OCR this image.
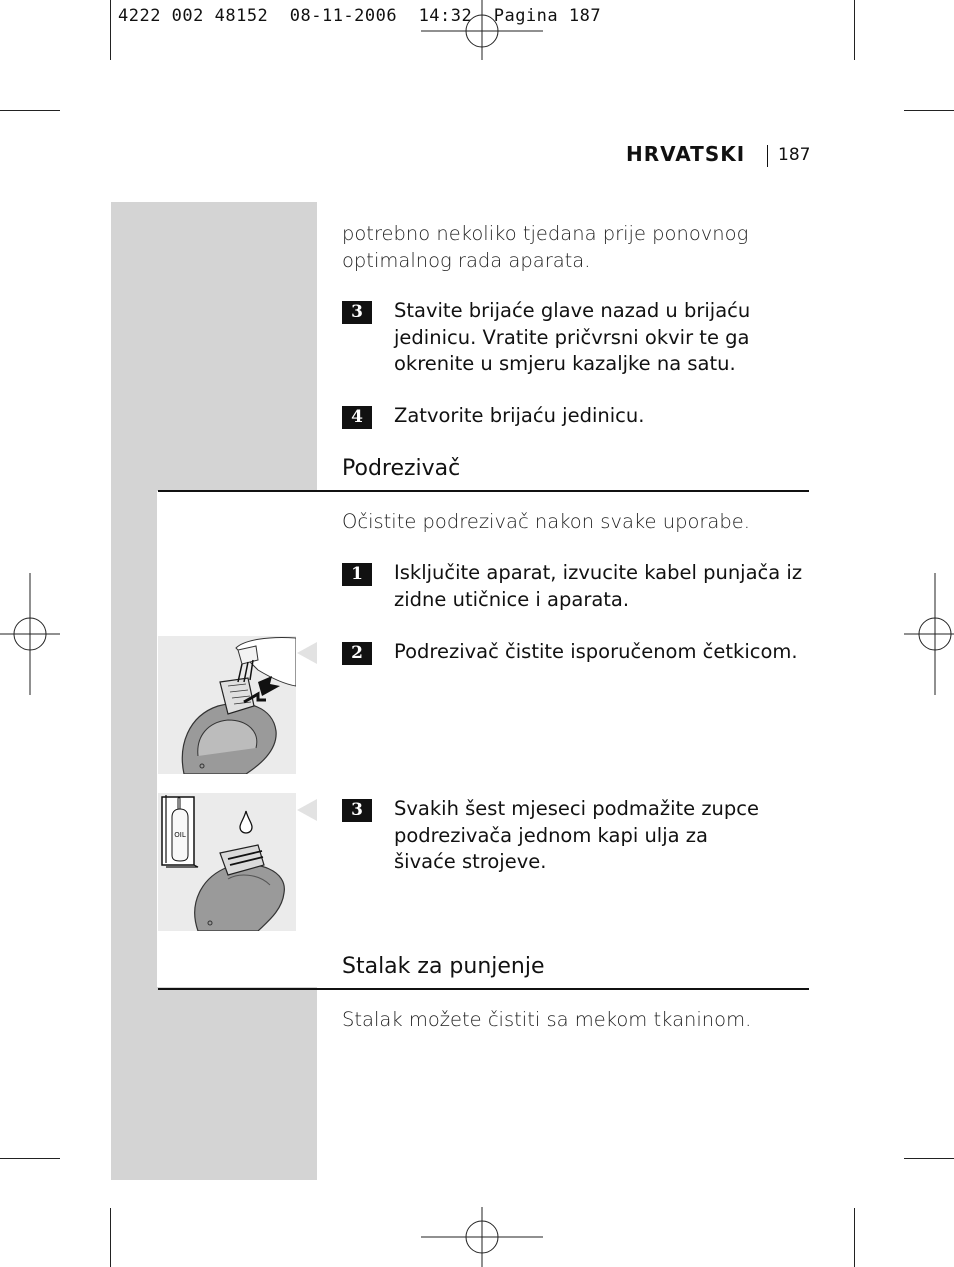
4222 002 48152  08-11-2006  14:32  Pagina 187
HRVATSKI	187
potrebno nekoliko tjedana prije ponovnog optimalnog rada aparata.
3	Stavite brijaće glave nazad u brijaću jedinicu. Vratite pričvrsni okvir te ga okrenite u smjeru kazaljke na satu.
4	Zatvorite brijaću jedinicu.
Podrezivač
Očistite podrezivač nakon svake uporabe.
1	Isključite aparat, izvucite kabel punjača iz zidne utičnice i aparata.
2	Podrezivač čistite isporučenom četkicom.
OIL
3	Svakih šest mjeseci podmažite zupce podrezivača jednom kapi ulja za šivaće strojeve.
Stalak za punjenje
Stalak možete čistiti sa mekom tkaninom.
